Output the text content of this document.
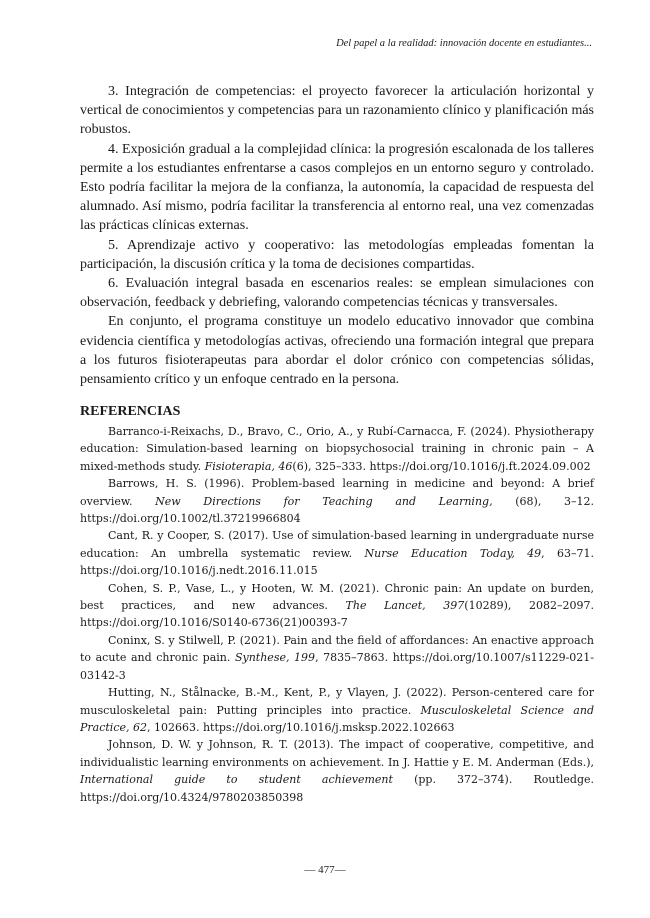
Del papel a la realidad: innovación docente en estudiantes...

3. Integración de competencias: el proyecto favorecer la articulación horizontal y vertical de conocimientos y competencias para un razonamiento clínico y planificación más robustos.

4. Exposición gradual a la complejidad clínica: la progresión escalonada de los talleres permite a los estudiantes enfrentarse a casos complejos en un entorno seguro y controlado. Esto podría facilitar la mejora de la confianza, la autonomía, la capacidad de respuesta del alumnado. Así mismo, podría facilitar la transferencia al entorno real, una vez comenzadas las prácticas clínicas externas.

5. Aprendizaje activo y cooperativo: las metodologías empleadas fomentan la participación, la discusión crítica y la toma de decisiones compartidas.

6. Evaluación integral basada en escenarios reales: se emplean simulaciones con observación, feedback y debriefing, valorando competencias técnicas y transversales.

En conjunto, el programa constituye un modelo educativo innovador que combina evidencia científica y metodologías activas, ofreciendo una formación integral que prepara a los futuros fisioterapeutas para abordar el dolor crónico con competencias sólidas, pensamiento crítico y un enfoque centrado en la persona.

REFERENCIAS

Barranco-i-Reixachs, D., Bravo, C., Orio, A., y Rubí-Carnacca, F. (2024). Physiotherapy education: Simulation-based learning on biopsychosocial training in chronic pain – A mixed-methods study. Fisioterapia, 46(6), 325–333. https://doi.org/10.1016/j.ft.2024.09.002

Barrows, H. S. (1996). Problem-based learning in medicine and beyond: A brief overview. New Directions for Teaching and Learning, (68), 3–12. https://doi.org/10.1002/tl.37219966804

Cant, R. y Cooper, S. (2017). Use of simulation-based learning in undergraduate nurse education: An umbrella systematic review. Nurse Education Today, 49, 63–71. https://doi.org/10.1016/j.nedt.2016.11.015

Cohen, S. P., Vase, L., y Hooten, W. M. (2021). Chronic pain: An update on burden, best practices, and new advances. The Lancet, 397(10289), 2082–2097. https://doi.org/10.1016/S0140-6736(21)00393-7

Coninx, S. y Stilwell, P. (2021). Pain and the field of affordances: An enactive approach to acute and chronic pain. Synthese, 199, 7835–7863. https://doi.org/10.1007/s11229-021-03142-3

Hutting, N., Stålnacke, B.-M., Kent, P., y Vlayen, J. (2022). Person-centered care for musculoskeletal pain: Putting principles into practice. Musculoskeletal Science and Practice, 62, 102663. https://doi.org/10.1016/j.msksp.2022.102663

Johnson, D. W. y Johnson, R. T. (2013). The impact of cooperative, competitive, and individualistic learning environments on achievement. In J. Hattie y E. M. Anderman (Eds.), International guide to student achievement (pp. 372–374). Routledge. https://doi.org/10.4324/9780203850398

— 477—
